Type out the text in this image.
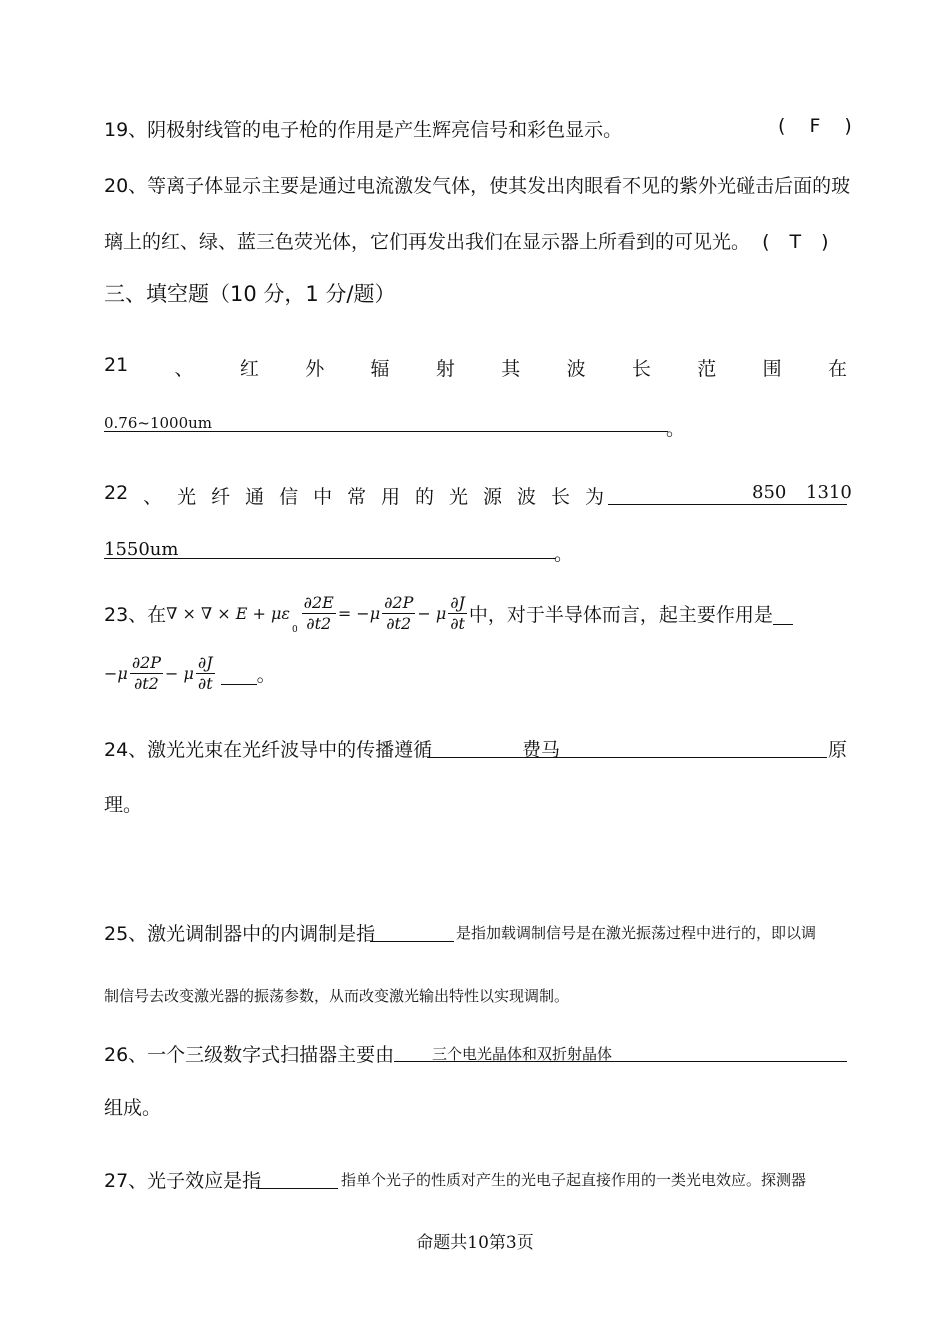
19、阴极射线管的电子枪的作用是产生辉亮信号和彩色显示。	( F )
20、等离子体显示主要是通过电流激发气体，使其发出肉眼看不见的紫外光碰击后面的玻
璃上的红、绿、蓝三色荧光体，它们再发出我们在显示器上所看到的可见光。 ( T )
三、填空题（10 分，1 分/题）
21 、 红 外 辐 射 其 波 长 范 围 在
0.76~1000um	。
22 、 光 纤 通 信 中 常 用 的 光 源 波 长 为	850 1310
1550um	。
23、在 ∇ × ∇ × E + με
$0 \frac{\partial 2E}{\partial t2} = -\mu \frac{\partial 2P}{\partial t2} - \mu \frac{\partial J}{\partial t}$ 中，对于半导体而言，起主要作用是
$-\mu \frac{\partial 2P}{\partial t2} - \mu \frac{\partial J}{\partial t}$ 。
24、激光光束在光纤波导中的传播遵循	费马	原
理。
25、激光调制器中的内调制是指	是指加载调制信号是在激光振荡过程中进行的，即以调
制信号去改变激光器的振荡参数，从而改变激光输出特性以实现调制。
26、一个三级数字式扫描器主要由	三个电光晶体和双折射晶体
组成。
27、光子效应是指	指单个光子的性质对产生的光电子起直接作用的一类光电效应。探测器
命题共10第3页
